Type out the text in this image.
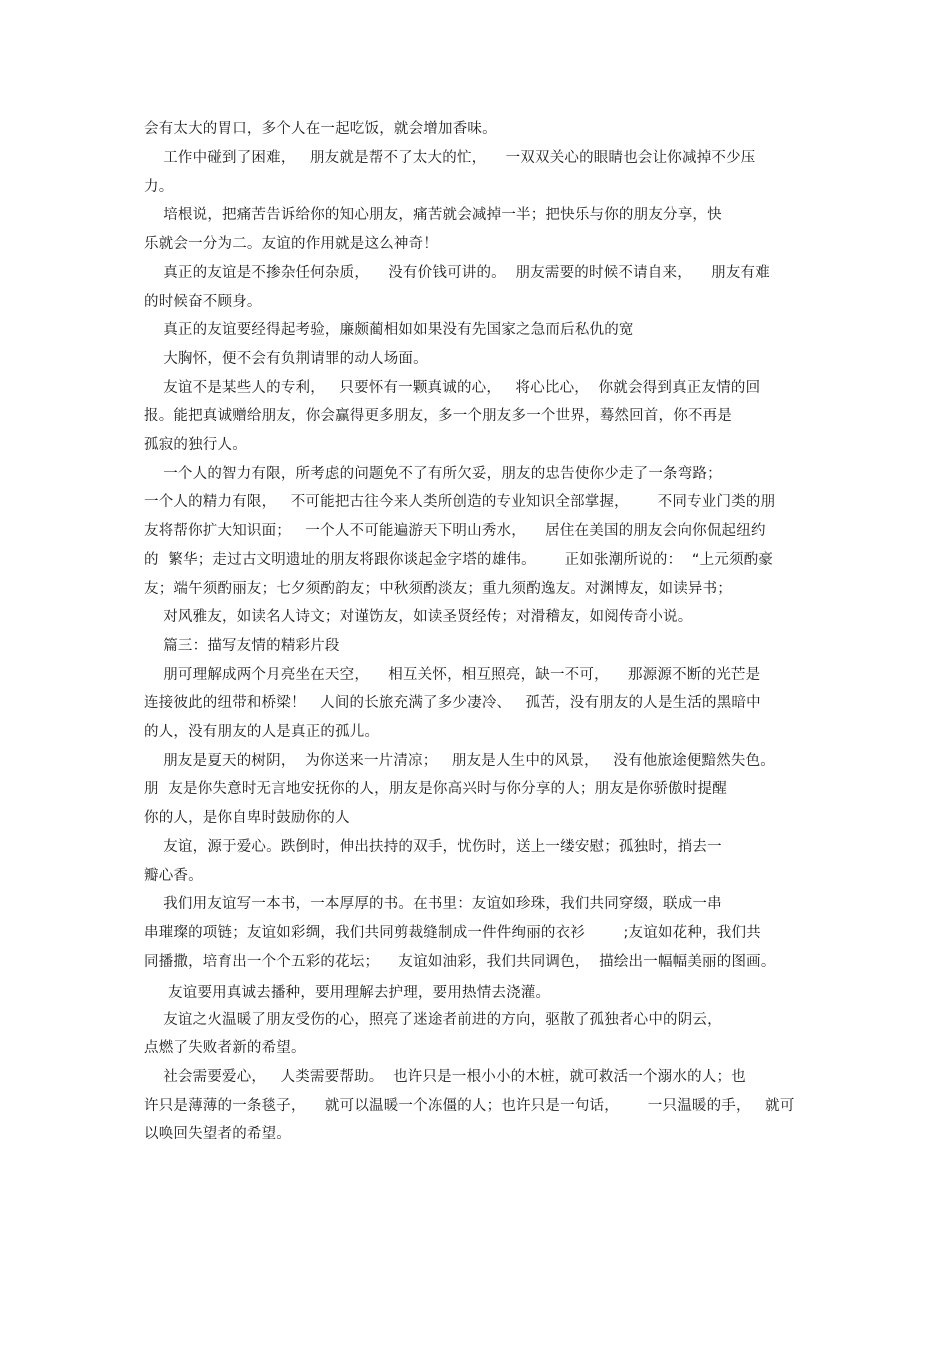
会有太大的胃口，多个人在一起吃饭，就会增加香味。
工作中碰到了困难，   朋友就是帮不了太大的忙，    一双双关心的眼睛也会让你减掉不少压
力。
培根说，把痛苦告诉给你的知心朋友，痛苦就会减掉一半；把快乐与你的朋友分享，快
乐就会一分为二。友谊的作用就是这么神奇！
真正的友谊是不掺杂任何杂质，    没有价钱可讲的。  朋友需要的时候不请自来，    朋友有难
的时候奋不顾身。
真正的友谊要经得起考验，廉颇蔺相如如果没有先国家之急而后私仇的宽
大胸怀，便不会有负荆请罪的动人场面。
友谊不是某些人的专利，   只要怀有一颗真诚的心，   将心比心，  你就会得到真正友情的回
报。能把真诚赠给朋友，你会赢得更多朋友，多一个朋友多一个世界，蓦然回首，你不再是
孤寂的独行人。
一个人的智力有限，所考虑的问题免不了有所欠妥，朋友的忠告使你少走了一条弯路；
一个人的精力有限，   不可能把古往今来人类所创造的专业知识全部掌握，      不同专业门类的朋
友将帮你扩大知识面；   一个人不可能遍游天下明山秀水，    居住在美国的朋友会向你侃起纽约
的  繁华；走过古文明遗址的朋友将跟你谈起金字塔的雄伟。      正如张潮所说的：  “上元须酌豪
友；端午须酌丽友；七夕须酌韵友；中秋须酌淡友；重九须酌逸友。对渊博友，如读异书；
对风雅友，如读名人诗文；对谨饬友，如读圣贤经传；对滑稽友，如阅传奇小说。
篇三：描写友情的精彩片段
朋可理解成两个月亮坐在天空，    相互关怀，相互照亮，缺一不可，    那源源不断的光芒是
连接彼此的纽带和桥梁！   人间的长旅充满了多少凄冷、   孤苦，没有朋友的人是生活的黑暗中
的人，没有朋友的人是真正的孤儿。
朋友是夏天的树阴，  为你送来一片清凉；   朋友是人生中的风景，   没有他旅途便黯然失色。
朋  友是你失意时无言地安抚你的人，朋友是你高兴时与你分享的人；朋友是你骄傲时提醒
你的人，是你自卑时鼓励你的人
友谊，源于爱心。跌倒时，伸出扶持的双手，忧伤时，送上一缕安慰；孤独时，捎去一
瓣心香。
我们用友谊写一本书，一本厚厚的书。在书里：友谊如珍珠，我们共同穿缀，联成一串
串璀璨的项链；友谊如彩绸，我们共同剪裁缝制成一件件绚丽的衣衫        ;友谊如花种，我们共
同播撒，培育出一个个五彩的花坛；    友谊如油彩，我们共同调色，  描绘出一幅幅美丽的图画。
友谊要用真诚去播种，要用理解去护理，要用热情去浇灌。
友谊之火温暖了朋友受伤的心，照亮了迷途者前进的方向，驱散了孤独者心中的阴云，
点燃了失败者新的希望。
社会需要爱心，   人类需要帮助。  也许只是一根小小的木桩，就可救活一个溺水的人；也
许只是薄薄的一条毯子，    就可以温暖一个冻僵的人；也许只是一句话，      一只温暖的手，   就可
以唤回失望者的希望。
